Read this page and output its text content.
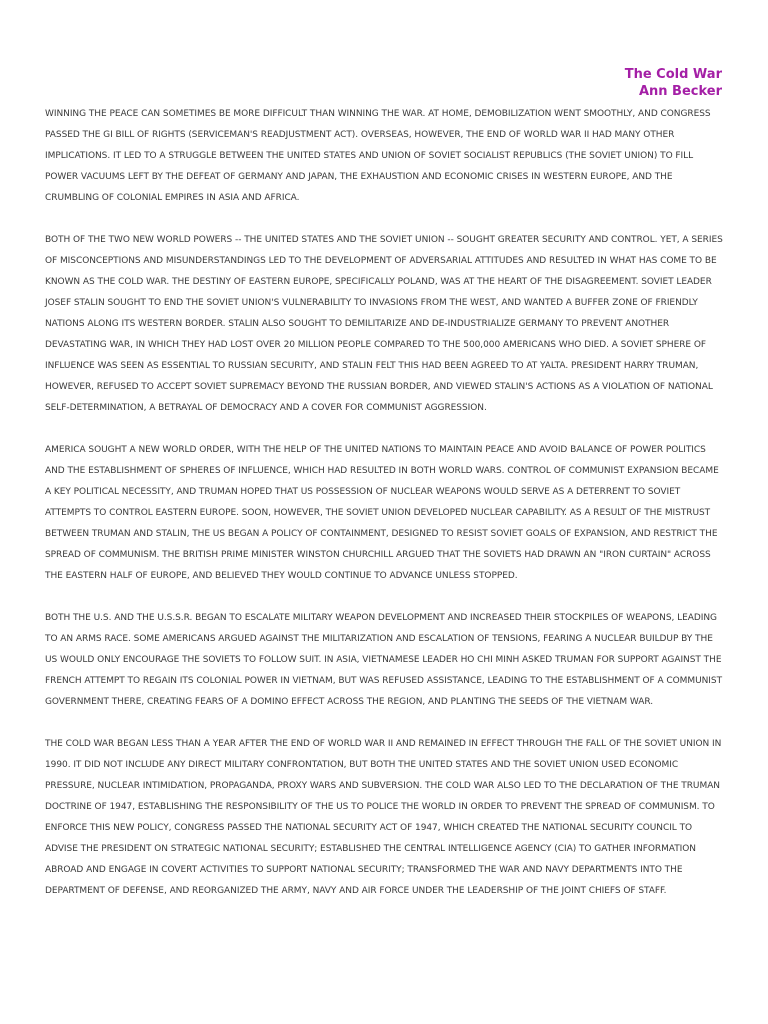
The Cold War
Ann Becker

WINNING THE PEACE CAN SOMETIMES BE MORE DIFFICULT THAN WINNING THE WAR. AT HOME, DEMOBILIZATION WENT SMOOTHLY, AND CONGRESS PASSED THE GI BILL OF RIGHTS (SERVICEMAN'S READJUSTMENT ACT). OVERSEAS, HOWEVER, THE END OF WORLD WAR II HAD MANY OTHER IMPLICATIONS. IT LED TO A STRUGGLE BETWEEN THE UNITED STATES AND UNION OF SOVIET SOCIALIST REPUBLICS (THE SOVIET UNION) TO FILL POWER VACUUMS LEFT BY THE DEFEAT OF GERMANY AND JAPAN, THE EXHAUSTION AND ECONOMIC CRISES IN WESTERN EUROPE, AND THE CRUMBLING OF COLONIAL EMPIRES IN ASIA AND AFRICA.

BOTH OF THE TWO NEW WORLD POWERS -- THE UNITED STATES AND THE SOVIET UNION -- SOUGHT GREATER SECURITY AND CONTROL. YET, A SERIES OF MISCONCEPTIONS AND MISUNDERSTANDINGS LED TO THE DEVELOPMENT OF ADVERSARIAL ATTITUDES AND RESULTED IN WHAT HAS COME TO BE KNOWN AS THE COLD WAR. THE DESTINY OF EASTERN EUROPE, SPECIFICALLY POLAND, WAS AT THE HEART OF THE DISAGREEMENT. SOVIET LEADER JOSEF STALIN SOUGHT TO END THE SOVIET UNION'S VULNERABILITY TO INVASIONS FROM THE WEST, AND WANTED A BUFFER ZONE OF FRIENDLY NATIONS ALONG ITS WESTERN BORDER. STALIN ALSO SOUGHT TO DEMILITARIZE AND DE-INDUSTRIALIZE GERMANY TO PREVENT ANOTHER DEVASTATING WAR, IN WHICH THEY HAD LOST OVER 20 MILLION PEOPLE COMPARED TO THE 500,000 AMERICANS WHO DIED. A SOVIET SPHERE OF INFLUENCE WAS SEEN AS ESSENTIAL TO RUSSIAN SECURITY, AND STALIN FELT THIS HAD BEEN AGREED TO AT YALTA. PRESIDENT HARRY TRUMAN, HOWEVER, REFUSED TO ACCEPT SOVIET SUPREMACY BEYOND THE RUSSIAN BORDER, AND VIEWED STALIN'S ACTIONS AS A VIOLATION OF NATIONAL SELF-DETERMINATION, A BETRAYAL OF DEMOCRACY AND A COVER FOR COMMUNIST AGGRESSION.

AMERICA SOUGHT A NEW WORLD ORDER, WITH THE HELP OF THE UNITED NATIONS TO MAINTAIN PEACE AND AVOID BALANCE OF POWER POLITICS AND THE ESTABLISHMENT OF SPHERES OF INFLUENCE, WHICH HAD RESULTED IN BOTH WORLD WARS. CONTROL OF COMMUNIST EXPANSION BECAME A KEY POLITICAL NECESSITY, AND TRUMAN HOPED THAT US POSSESSION OF NUCLEAR WEAPONS WOULD SERVE AS A DETERRENT TO SOVIET ATTEMPTS TO CONTROL EASTERN EUROPE. SOON, HOWEVER, THE SOVIET UNION DEVELOPED NUCLEAR CAPABILITY. AS A RESULT OF THE MISTRUST BETWEEN TRUMAN AND STALIN, THE US BEGAN A POLICY OF CONTAINMENT, DESIGNED TO RESIST SOVIET GOALS OF EXPANSION, AND RESTRICT THE SPREAD OF COMMUNISM. THE BRITISH PRIME MINISTER WINSTON CHURCHILL ARGUED THAT THE SOVIETS HAD DRAWN AN "IRON CURTAIN" ACROSS THE EASTERN HALF OF EUROPE, AND BELIEVED THEY WOULD CONTINUE TO ADVANCE UNLESS STOPPED.

BOTH THE U.S. AND THE U.S.S.R. BEGAN TO ESCALATE MILITARY WEAPON DEVELOPMENT AND INCREASED THEIR STOCKPILES OF WEAPONS, LEADING TO AN ARMS RACE. SOME AMERICANS ARGUED AGAINST THE MILITARIZATION AND ESCALATION OF TENSIONS, FEARING A NUCLEAR BUILDUP BY THE US WOULD ONLY ENCOURAGE THE SOVIETS TO FOLLOW SUIT. IN ASIA, VIETNAMESE LEADER HO CHI MINH ASKED TRUMAN FOR SUPPORT AGAINST THE FRENCH ATTEMPT TO REGAIN ITS COLONIAL POWER IN VIETNAM, BUT WAS REFUSED ASSISTANCE, LEADING TO THE ESTABLISHMENT OF A COMMUNIST GOVERNMENT THERE, CREATING FEARS OF A DOMINO EFFECT ACROSS THE REGION, AND PLANTING THE SEEDS OF THE VIETNAM WAR.

THE COLD WAR BEGAN LESS THAN A YEAR AFTER THE END OF WORLD WAR II AND REMAINED IN EFFECT THROUGH THE FALL OF THE SOVIET UNION IN 1990. IT DID NOT INCLUDE ANY DIRECT MILITARY CONFRONTATION, BUT BOTH THE UNITED STATES AND THE SOVIET UNION USED ECONOMIC PRESSURE, NUCLEAR INTIMIDATION, PROPAGANDA, PROXY WARS AND SUBVERSION. THE COLD WAR ALSO LED TO THE DECLARATION OF THE TRUMAN DOCTRINE OF 1947, ESTABLISHING THE RESPONSIBILITY OF THE US TO POLICE THE WORLD IN ORDER TO PREVENT THE SPREAD OF COMMUNISM. TO ENFORCE THIS NEW POLICY, CONGRESS PASSED THE NATIONAL SECURITY ACT OF 1947, WHICH CREATED THE NATIONAL SECURITY COUNCIL TO ADVISE THE PRESIDENT ON STRATEGIC NATIONAL SECURITY; ESTABLISHED THE CENTRAL INTELLIGENCE AGENCY (CIA) TO GATHER INFORMATION ABROAD AND ENGAGE IN COVERT ACTIVITIES TO SUPPORT NATIONAL SECURITY; TRANSFORMED THE WAR AND NAVY DEPARTMENTS INTO THE DEPARTMENT OF DEFENSE, AND REORGANIZED THE ARMY, NAVY AND AIR FORCE UNDER THE LEADERSHIP OF THE JOINT CHIEFS OF STAFF.
